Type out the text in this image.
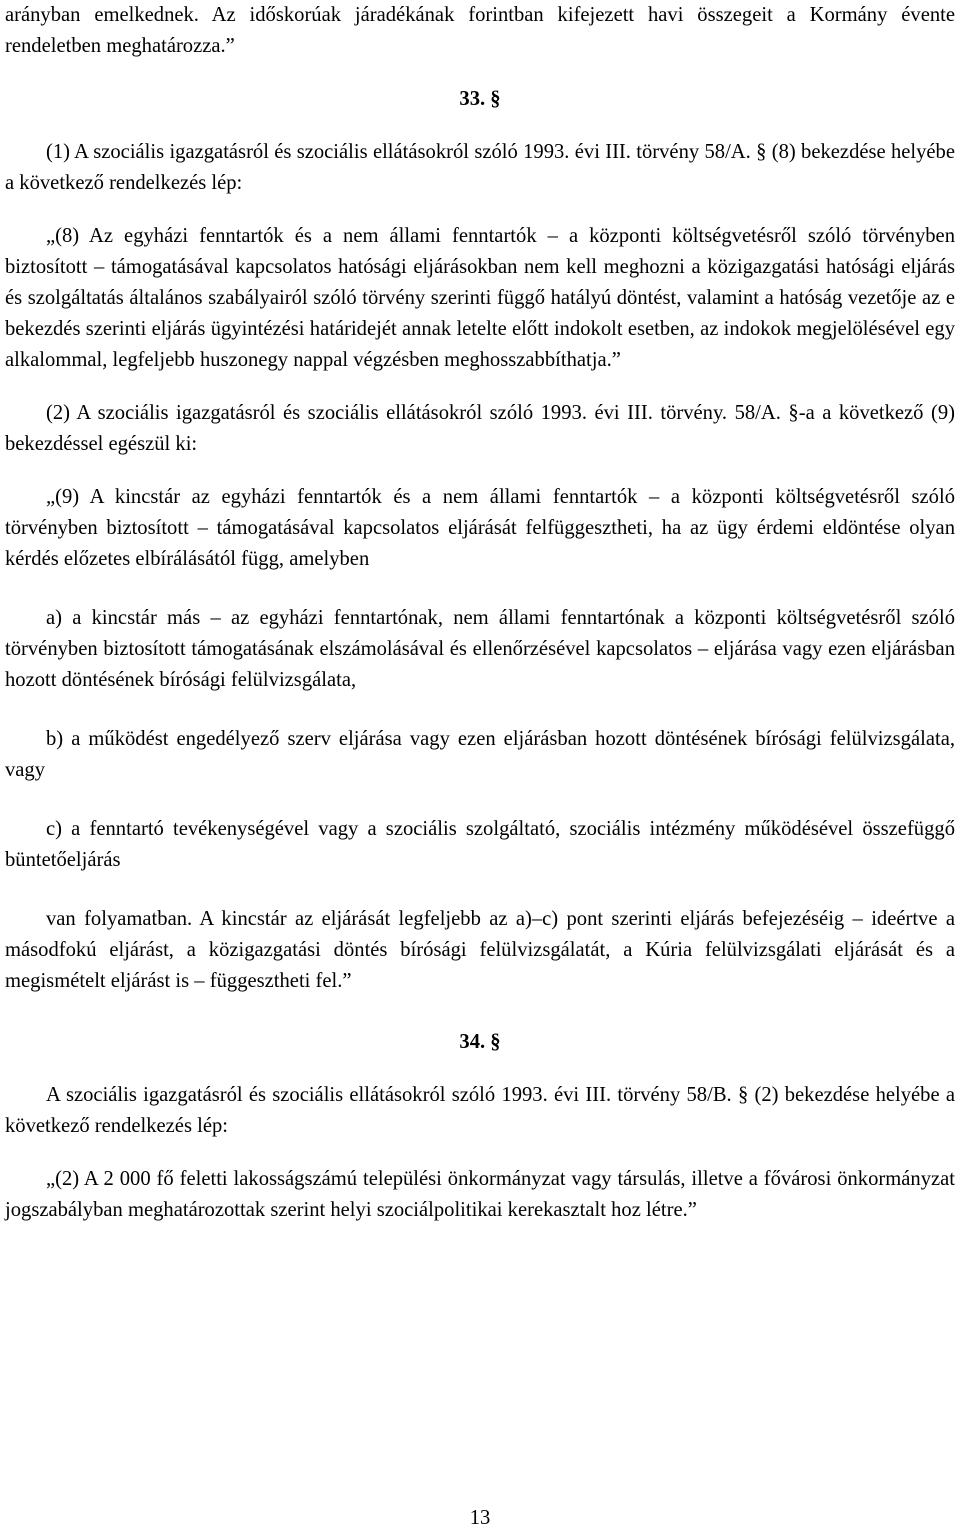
arányban emelkednek. Az időskorúak járadékának forintban kifejezett havi összegeit a Kormány évente rendeletben meghatározza.”

33. §

(1) A szociális igazgatásról és szociális ellátásokról szóló 1993. évi III. törvény 58/A. § (8) bekezdése helyébe a következő rendelkezés lép:

„(8) Az egyházi fenntartók és a nem állami fenntartók – a központi költségvetésről szóló törvényben biztosított – támogatásával kapcsolatos hatósági eljárásokban nem kell meghozni a közigazgatási hatósági eljárás és szolgáltatás általános szabályairól szóló törvény szerinti függő hatályú döntést, valamint a hatóság vezetője az e bekezdés szerinti eljárás ügyintézési határidejét annak letelte előtt indokolt esetben, az indokok megjelölésével egy alkalommal, legfeljebb huszonegy nappal végzésben meghosszabbíthatja.”

(2) A szociális igazgatásról és szociális ellátásokról szóló 1993. évi III. törvény. 58/A. §-a a következő (9) bekezdéssel egészül ki:

„(9) A kincstár az egyházi fenntartók és a nem állami fenntartók – a központi költségvetésről szóló törvényben biztosított – támogatásával kapcsolatos eljárását felfüggesztheti, ha az ügy érdemi eldöntése olyan kérdés előzetes elbírálásától függ, amelyben

a) a kincstár más – az egyházi fenntartónak, nem állami fenntartónak a központi költségvetésről szóló törvényben biztosított támogatásának elszámolásával és ellenőrzésével kapcsolatos – eljárása vagy ezen eljárásban hozott döntésének bírósági felülvizsgálata,

b) a működést engedélyező szerv eljárása vagy ezen eljárásban hozott döntésének bírósági felülvizsgálata, vagy

c) a fenntartó tevékenységével vagy a szociális szolgáltató, szociális intézmény működésével összefüggő büntetőeljárás

van folyamatban. A kincstár az eljárását legfeljebb az a)–c) pont szerinti eljárás befejezéséig – ideértve a másodfokú eljárást, a közigazgatási döntés bírósági felülvizsgálatát, a Kúria felülvizsgálati eljárását és a megismételt eljárást is – függesztheti fel.”

34. §

A szociális igazgatásról és szociális ellátásokról szóló 1993. évi III. törvény 58/B. § (2) bekezdése helyébe a következő rendelkezés lép:

„(2) A 2 000 fő feletti lakosságszámú települési önkormányzat vagy társulás, illetve a fővárosi önkormányzat jogszabályban meghatározottak szerint helyi szociálpolitikai kerekasztalt hoz létre.”

13
